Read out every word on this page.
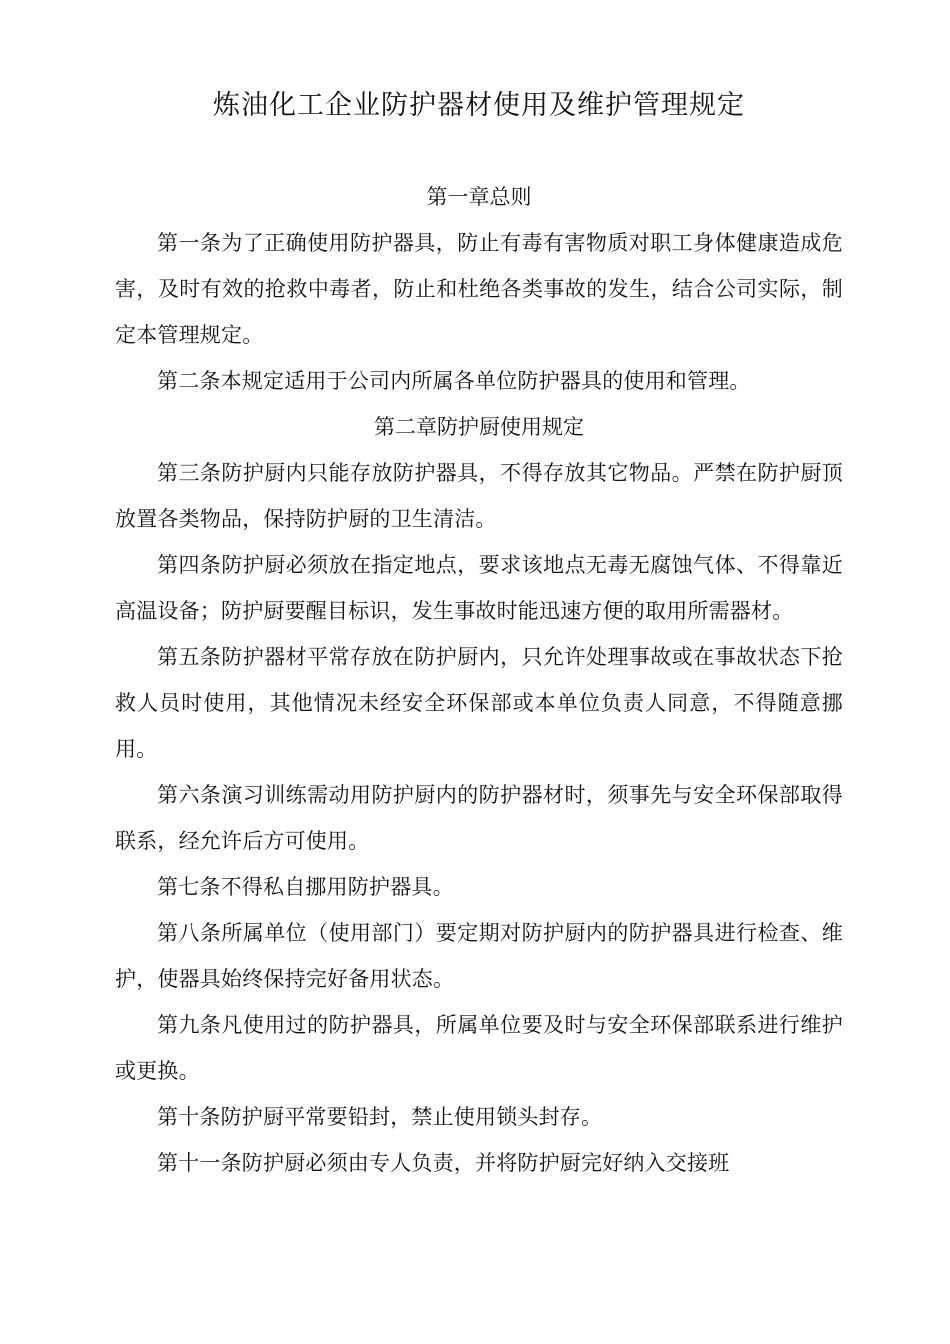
炼油化工企业防护器材使用及维护管理规定
第一章总则

第一条为了正确使用防护器具，防止有毒有害物质对职工身体健康造成危害，及时有效的抢救中毒者，防止和杜绝各类事故的发生，结合公司实际，制定本管理规定。

第二条本规定适用于公司内所属各单位防护器具的使用和管理。

第二章防护厨使用规定

第三条防护厨内只能存放防护器具，不得存放其它物品。严禁在防护厨顶放置各类物品，保持防护厨的卫生清洁。

第四条防护厨必须放在指定地点，要求该地点无毒无腐蚀气体、不得靠近高温设备；防护厨要醒目标识，发生事故时能迅速方便的取用所需器材。

第五条防护器材平常存放在防护厨内，只允许处理事故或在事故状态下抢救人员时使用，其他情况未经安全环保部或本单位负责人同意，不得随意挪用。

第六条演习训练需动用防护厨内的防护器材时，须事先与安全环保部取得联系，经允许后方可使用。

第七条不得私自挪用防护器具。

第八条所属单位（使用部门）要定期对防护厨内的防护器具进行检查、维护，使器具始终保持完好备用状态。

第九条凡使用过的防护器具，所属单位要及时与安全环保部联系进行维护或更换。

第十条防护厨平常要铅封，禁止使用锁头封存。

第十一条防护厨必须由专人负责，并将防护厨完好纳入交接班
